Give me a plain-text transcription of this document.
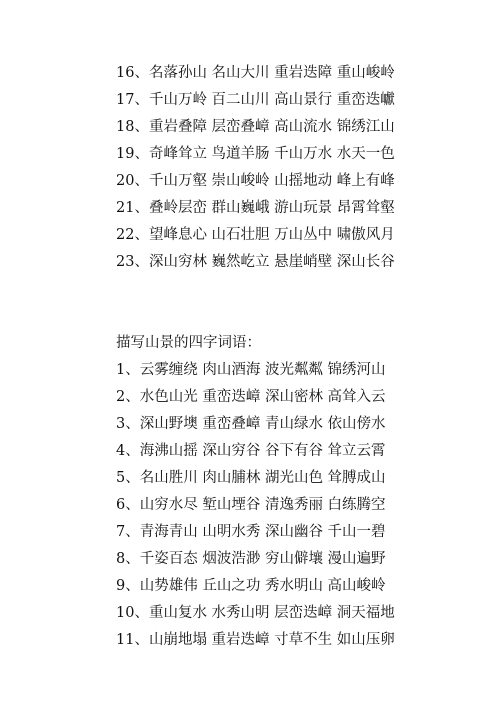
16、名落孙山 名山大川 重岩迭障 重山峻岭
17、千山万岭 百二山川 高山景行 重峦迭巘
18、重岩叠障 层峦叠嶂 高山流水 锦绣江山
19、奇峰耸立 鸟道羊肠 千山万水 水天一色
20、千山万壑 崇山峻岭 山摇地动 峰上有峰
21、叠岭层峦 群山巍峨 游山玩景 昂霄耸壑
22、望峰息心 山石壮胆 万山丛中 啸傲风月
23、深山穷林 巍然屹立 悬崖峭壁 深山长谷
描写山景的四字词语：
1、云雾缠绕 肉山酒海 波光粼粼 锦绣河山
2、水色山光 重峦迭嶂 深山密林 高耸入云
3、深山野墺 重峦叠嶂 青山绿水 依山傍水
4、海沸山摇 深山穷谷 谷下有谷 耸立云霄
5、名山胜川 肉山脯林 湖光山色 耸膊成山
6、山穷水尽 堑山堙谷 清逸秀丽 白练腾空
7、青海青山 山明水秀 深山幽谷 千山一碧
8、千姿百态 烟波浩渺 穷山僻壤 漫山遍野
9、山势雄伟 丘山之功 秀水明山 高山峻岭
10、重山复水 水秀山明 层峦迭嶂 洞天福地
11、山崩地塌 重岩迭嶂 寸草不生 如山压卵
